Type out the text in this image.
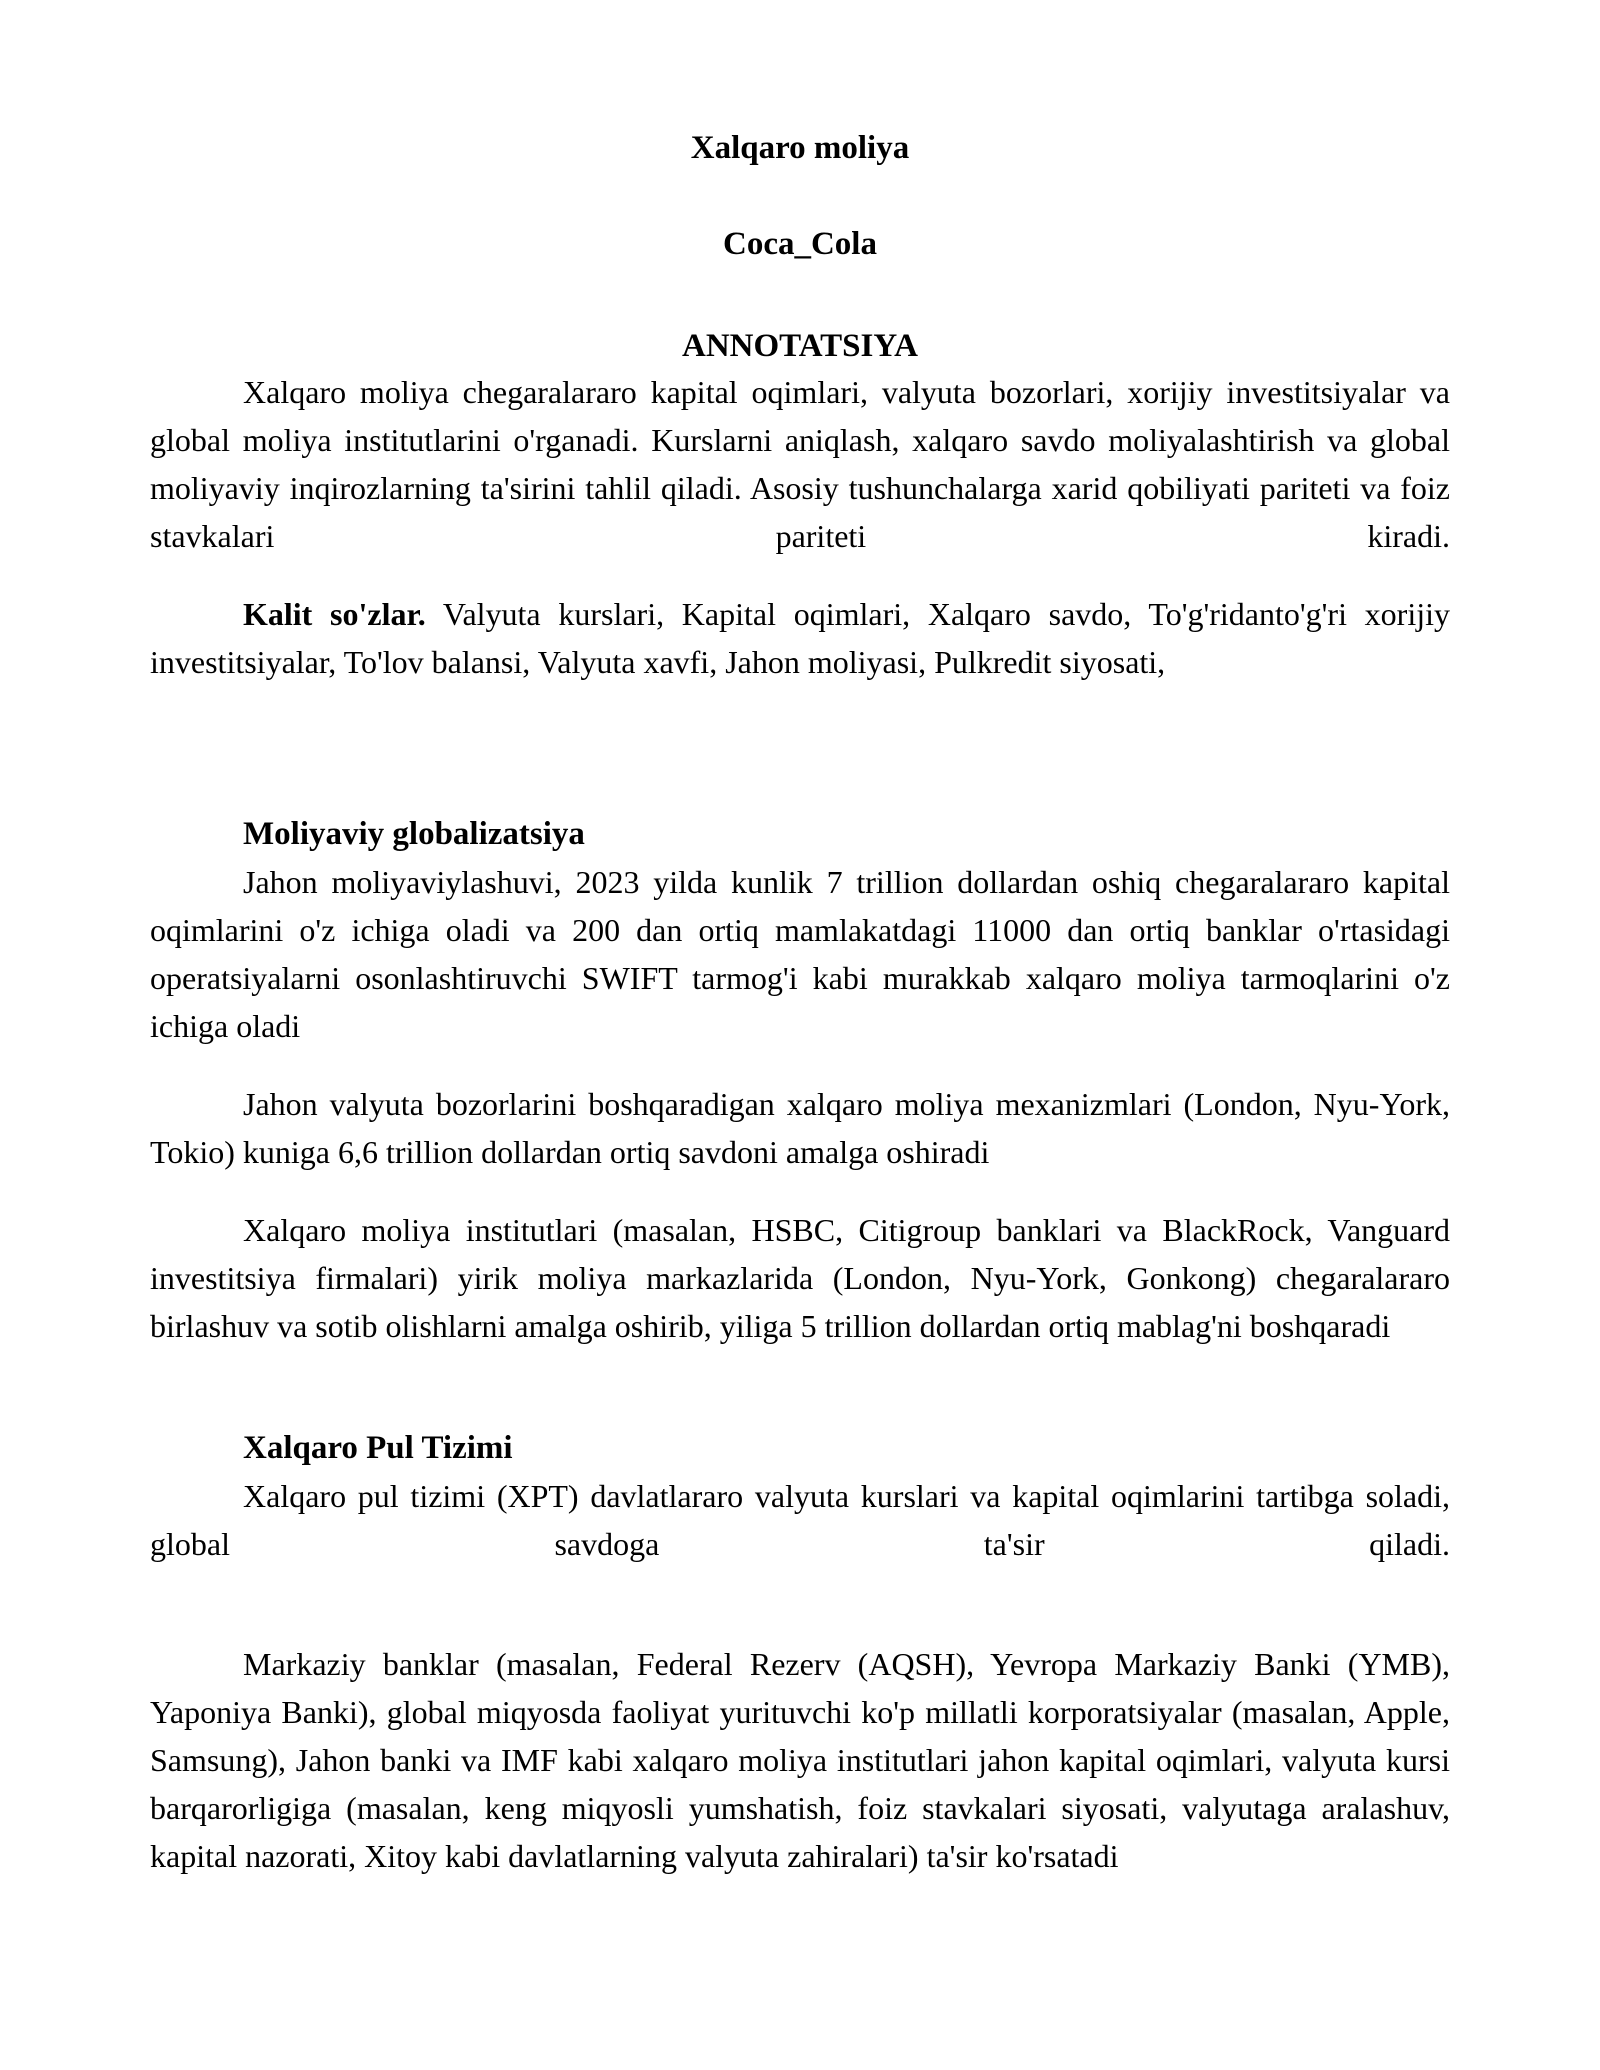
Xalqaro moliya
Coca_Cola
ANNOTATSIYA

Xalqaro moliya chegaralararo kapital oqimlari, valyuta bozorlari, xorijiy investitsiyalar va global moliya institutlarini o'rganadi. Kurslarni aniqlash, xalqaro savdo moliyalashtirish va global moliyaviy inqirozlarning ta'sirini tahlil qiladi. Asosiy tushunchalarga xarid qobiliyati pariteti va foiz stavkalari pariteti kiradi.

Kalit so'zlar. Valyuta kurslari, Kapital oqimlari, Xalqaro savdo, To'g'ridanto'g'ri xorijiy investitsiyalar, To'lov balansi, Valyuta xavfi, Jahon moliyasi, Pulkredit siyosati,

Moliyaviy globalizatsiya

Jahon moliyaviylashuvi, 2023 yilda kunlik 7 trillion dollardan oshiq chegaralararo kapital oqimlarini o'z ichiga oladi va 200 dan ortiq mamlakatdagi 11000 dan ortiq banklar o'rtasidagi operatsiyalarni osonlashtiruvchi SWIFT tarmog'i kabi murakkab xalqaro moliya tarmoqlarini o'z ichiga oladi

Jahon valyuta bozorlarini boshqaradigan xalqaro moliya mexanizmlari (London, Nyu-York, Tokio) kuniga 6,6 trillion dollardan ortiq savdoni amalga oshiradi

Xalqaro moliya institutlari (masalan, HSBC, Citigroup banklari va BlackRock, Vanguard investitsiya firmalari) yirik moliya markazlarida (London, Nyu-York, Gonkong) chegaralararo birlashuv va sotib olishlarni amalga oshirib, yiliga 5 trillion dollardan ortiq mablag'ni boshqaradi

Xalqaro Pul Tizimi

Xalqaro pul tizimi (XPT) davlatlararo valyuta kurslari va kapital oqimlarini tartibga soladi, global savdoga ta'sir qiladi.

Markaziy banklar (masalan, Federal Rezerv (AQSH), Yevropa Markaziy Banki (YMB), Yaponiya Banki), global miqyosda faoliyat yurituvchi ko'p millatli korporatsiyalar (masalan, Apple, Samsung), Jahon banki va IMF kabi xalqaro moliya institutlari jahon kapital oqimlari, valyuta kursi barqarorligiga (masalan, keng miqyosli yumshatish, foiz stavkalari siyosati, valyutaga aralashuv, kapital nazorati, Xitoy kabi davlatlarning valyuta zahiralari) ta'sir ko'rsatadi
